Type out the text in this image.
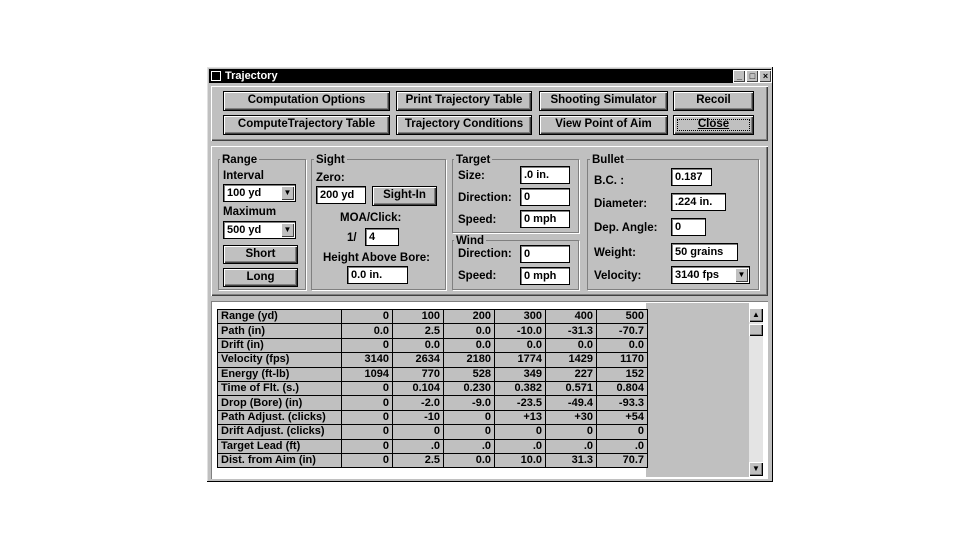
Trajectory	_ □ ×
Computation Options	Print Trajectory Table	Shooting Simulator	Recoil
ComputeTrajectory Table	Trajectory Conditions	View Point of Aim	Close
Range
Interval
100 yd	▼
Maximum
500 yd	▼
Short
Long
Sight
Zero:
200 yd	Sight-In
MOA/Click:
1/	4
Height Above Bore:
0.0 in.
Target
Size:	.0 in.
Direction:	0
Speed:	0 mph
Wind
Direction:	0
Speed:	0 mph
Bullet
B.C. :	0.187
Diameter:	.224 in.
Dep. Angle:	0
Weight:	50 grains
Velocity:	3140 fps	▼
Range (yd)	0	100	200	300	400	500
Path (in)	0.0	2.5	0.0	-10.0	-31.3	-70.7
Drift (in)	0	0.0	0.0	0.0	0.0	0.0
Velocity (fps)	3140	2634	2180	1774	1429	1170
Energy (ft-lb)	1094	770	528	349	227	152
Time of Flt. (s.)	0	0.104	0.230	0.382	0.571	0.804
Drop (Bore) (in)	0	-2.0	-9.0	-23.5	-49.4	-93.3
Path Adjust. (clicks)	0	-10	0	+13	+30	+54
Drift Adjust. (clicks)	0	0	0	0	0	0
Target Lead (ft)	0	.0	.0	.0	.0	.0
Dist. from Aim (in)	0	2.5	0.0	10.0	31.3	70.7
▲
▼
